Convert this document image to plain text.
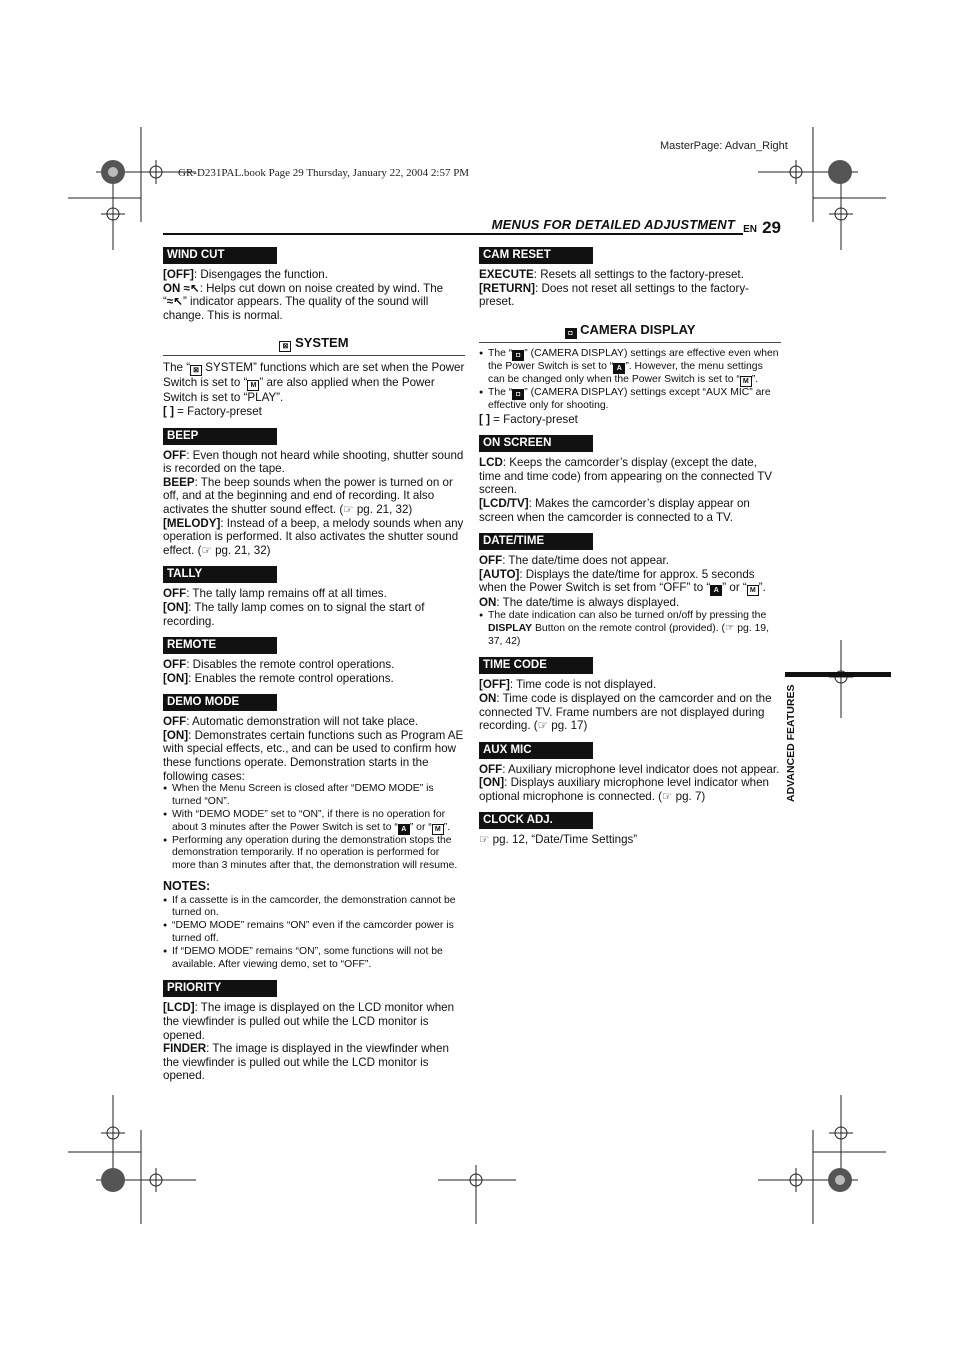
GR-D231PAL.book Page 29 Thursday, January 22, 2004 2:57 PM
MasterPage: Advan_Right
MENUS FOR DETAILED ADJUSTMENT EN 29
ADVANCED FEATURES
WIND CUT

[OFF]: Disengages the function.

ON ≈↖: Helps cut down on noise created by wind. The “≈↖” indicator appears. The quality of the sound will change. This is normal.

⊠ SYSTEM

The “ ⊠ SYSTEM” functions which are set when the Power Switch is set to “ M ” are also applied when the Power Switch is set to “PLAY”.

[ ] = Factory-preset

BEEP

OFF: Even though not heard while shooting, shutter sound is recorded on the tape.

BEEP: The beep sounds when the power is turned on or off, and at the beginning and end of recording. It also activates the shutter sound effect. (☞ pg. 21, 32)

[MELODY]: Instead of a beep, a melody sounds when any operation is performed. It also activates the shutter sound effect. (☞ pg. 21, 32)

TALLY

OFF: The tally lamp remains off at all times.

[ON]: The tally lamp comes on to signal the start of recording.

REMOTE

OFF: Disables the remote control operations.

[ON]: Enables the remote control operations.

DEMO MODE

OFF: Automatic demonstration will not take place.

[ON]: Demonstrates certain functions such as Program AE with special effects, etc., and can be used to confirm how these functions operate. Demonstration starts in the following cases:

● When the Menu Screen is closed after “DEMO MODE” is turned “ON”.
● With “DEMO MODE” set to “ON”, if there is no operation for about 3 minutes after the Power Switch is set to “ A ” or “ M ”.
● Performing any operation during the demonstration stops the demonstration temporarily. If no operation is performed for more than 3 minutes after that, the demonstration will resume.
NOTES:
● If a cassette is in the camcorder, the demonstration cannot be turned on.
● “DEMO MODE” remains “ON” even if the camcorder power is turned off.
● If “DEMO MODE” remains “ON”, some functions will not be available. After viewing demo, set to “OFF”.
PRIORITY

[LCD]: The image is displayed on the LCD monitor when the viewfinder is pulled out while the LCD monitor is opened.

FINDER: The image is displayed in the viewfinder when the viewfinder is pulled out while the LCD monitor is opened.

CAM RESET

EXECUTE: Resets all settings to the factory-preset.

[RETURN]: Does not reset all settings to the factory-preset.

◘ CAMERA DISPLAY
● The “ ◘ ” (CAMERA DISPLAY) settings are effective even when the Power Switch is set to “ A ”. However, the menu settings can be changed only when the Power Switch is set to “ M ”.
● The “ ◘ ” (CAMERA DISPLAY) settings except “AUX MIC” are effective only for shooting.

[ ] = Factory-preset

ON SCREEN

LCD: Keeps the camcorder’s display (except the date, time and time code) from appearing on the connected TV screen.

[LCD/TV]: Makes the camcorder’s display appear on screen when the camcorder is connected to a TV.

DATE/TIME

OFF: The date/time does not appear.

[AUTO]: Displays the date/time for approx. 5 seconds when the Power Switch is set from “OFF” to “ A ” or “ M ”.

ON: The date/time is always displayed.

● The date indication can also be turned on/off by pressing the DISPLAY Button on the remote control (provided). (☞ pg. 19, 37, 42)
TIME CODE

[OFF]: Time code is not displayed.

ON: Time code is displayed on the camcorder and on the connected TV. Frame numbers are not displayed during recording. (☞ pg. 17)

AUX MIC

OFF: Auxiliary microphone level indicator does not appear.

[ON]: Displays auxiliary microphone level indicator when optional microphone is connected. (☞ pg. 7)

CLOCK ADJ.

☞ pg. 12, “Date/Time Settings”
